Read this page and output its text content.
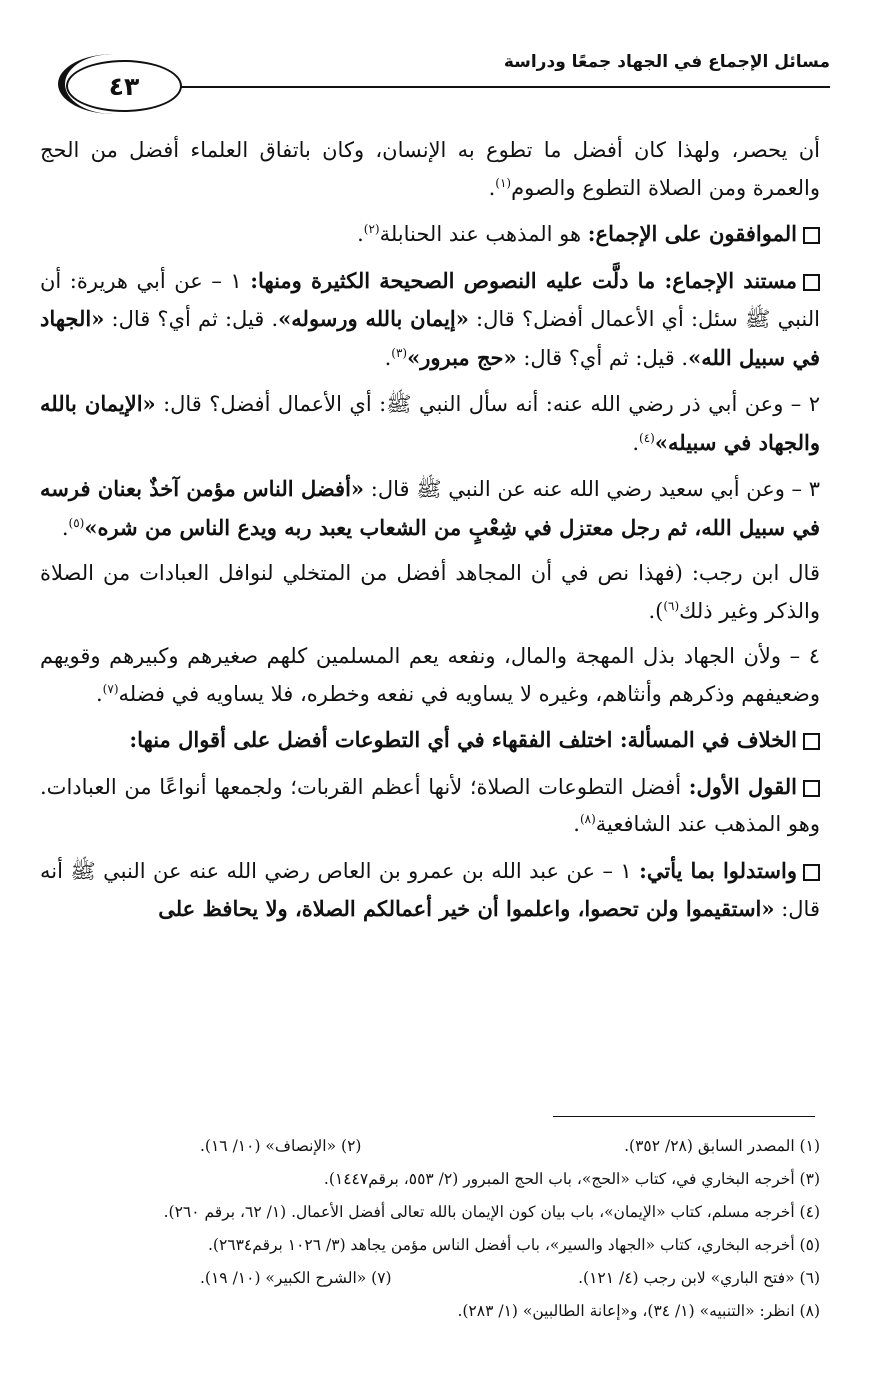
مسائل الإجماع في الجهاد جمعًا ودراسة
٤٣

أن يحصر، ولهذا كان أفضل ما تطوع به الإنسان، وكان باتفاق العلماء أفضل من الحج والعمرة ومن الصلاة التطوع والصوم$^{(١)}$.

الموافقون على الإجماع: هو المذهب عند الحنابلة$^{(٢)}$.

مستند الإجماع: ما دلَّت عليه النصوص الصحيحة الكثيرة ومنها: ١ – عن أبي هريرة: أن النبي ﷺ سئل: أي الأعمال أفضل؟ قال: «إيمان بالله ورسوله». قيل: ثم أي؟ قال: «الجهاد في سبيل الله». قيل: ثم أي؟ قال: «حج مبرور»$^{(٣)}$.

٢ – وعن أبي ذر رضي الله عنه: أنه سأل النبي ﷺ: أي الأعمال أفضل؟ قال: «الإيمان بالله والجهاد في سبيله»$^{(٤)}$.

٣ – وعن أبي سعيد رضي الله عنه عن النبي ﷺ قال: «أفضل الناس مؤمن آخذٌ بعنان فرسه في سبيل الله، ثم رجل معتزل في شِعْبٍ من الشعاب يعبد ربه ويدع الناس من شره»$^{(٥)}$.

قال ابن رجب: (فهذا نص في أن المجاهد أفضل من المتخلي لنوافل العبادات من الصلاة والذكر وغير ذلك$^{(٦)}$).

٤ – ولأن الجهاد بذل المهجة والمال، ونفعه يعم المسلمين كلهم صغيرهم وكبيرهم وقويهم وضعيفهم وذكرهم وأنثاهم، وغيره لا يساويه في نفعه وخطره، فلا يساويه في فضله$^{(٧)}$.

الخلاف في المسألة: اختلف الفقهاء في أي التطوعات أفضل على أقوال منها:

القول الأول: أفضل التطوعات الصلاة؛ لأنها أعظم القربات؛ ولجمعها أنواعًا من العبادات. وهو المذهب عند الشافعية$^{(٨)}$.

واستدلوا بما يأتي: ١ – عن عبد الله بن عمرو بن العاص رضي الله عنه عن النبي ﷺ أنه قال: «استقيموا ولن تحصوا، واعلموا أن خير أعمالكم الصلاة، ولا يحافظ على

(١) المصدر السابق (٢٨/ ٣٥٢).
(٢) «الإنصاف» (١٠/ ١٦).
(٣) أخرجه البخاري في، كتاب «الحج»، باب الحج المبرور (٢/ ٥٥٣، برقم١٤٤٧).
(٤) أخرجه مسلم، كتاب «الإيمان»، باب بيان كون الإيمان بالله تعالى أفضل الأعمال. (١/ ٦٢، برقم ٢٦٠).
(٥) أخرجه البخاري، كتاب «الجهاد والسير»، باب أفضل الناس مؤمن يجاهد (٣/ ١٠٢٦ برقم٢٦٣٤).
(٦) «فتح الباري» لابن رجب (٤/ ١٢١).
(٧) «الشرح الكبير» (١٠/ ١٩).
(٨) انظر: «التنبيه» (١/ ٣٤)، و«إعانة الطالبين» (١/ ٢٨٣).
